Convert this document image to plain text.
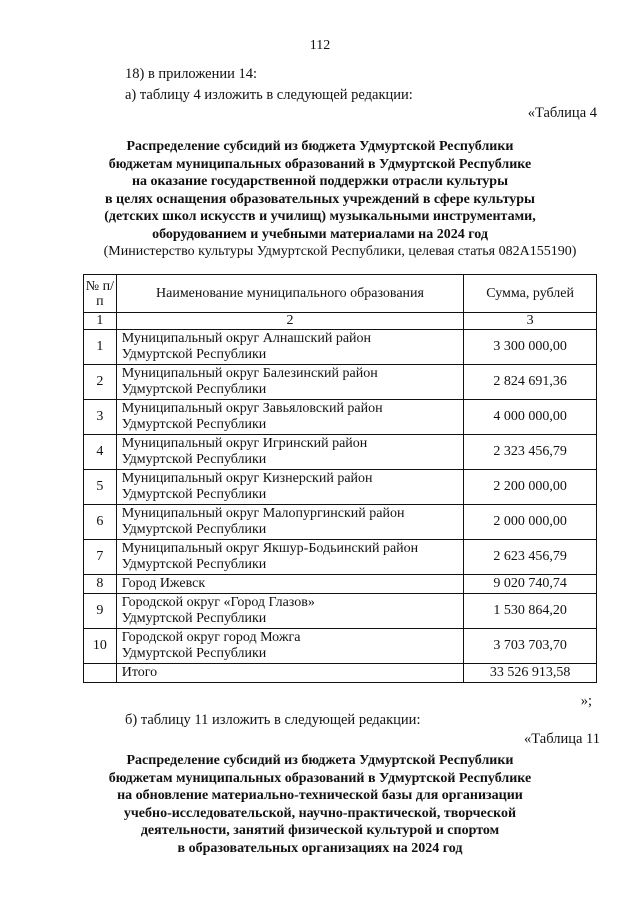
112
18) в приложении 14:
а) таблицу 4 изложить в следующей редакции:
«Таблица 4
Распределение субсидий из бюджета Удмуртской Республики
бюджетам муниципальных образований в Удмуртской Республике
на оказание государственной поддержки отрасли культуры
в целях оснащения образовательных учреждений в сфере культуры
(детских школ искусств и училищ) музыкальными инструментами,
оборудованием и учебными материалами на 2024 год
(Министерство культуры Удмуртской Республики, целевая статья 082А155190)
№ п/п	Наименование муниципального образования	Сумма, рублей
1	2	3
1	Муниципальный округ Алнашский район
Удмуртской Республики	3 300 000,00
2	Муниципальный округ Балезинский район
Удмуртской Республики	2 824 691,36
3	Муниципальный округ Завьяловский район
Удмуртской Республики	4 000 000,00
4	Муниципальный округ Игринский район
Удмуртской Республики	2 323 456,79
5	Муниципальный округ Кизнерский район
Удмуртской Республики	2 200 000,00
6	Муниципальный округ Малопургинский район
Удмуртской Республики	2 000 000,00
7	Муниципальный округ Якшур-Бодьинский район
Удмуртской Республики	2 623 456,79
8	Город Ижевск	9 020 740,74
9	Городской округ «Город Глазов»
Удмуртской Республики	1 530 864,20
10	Городской округ город Можга
Удмуртской Республики	3 703 703,70
	Итого	33 526 913,58
»;
б) таблицу 11 изложить в следующей редакции:
«Таблица 11
Распределение субсидий из бюджета Удмуртской Республики
бюджетам муниципальных образований в Удмуртской Республике
на обновление материально-технической базы для организации
учебно-исследовательской, научно-практической, творческой
деятельности, занятий физической культурой и спортом
в образовательных организациях на 2024 год
